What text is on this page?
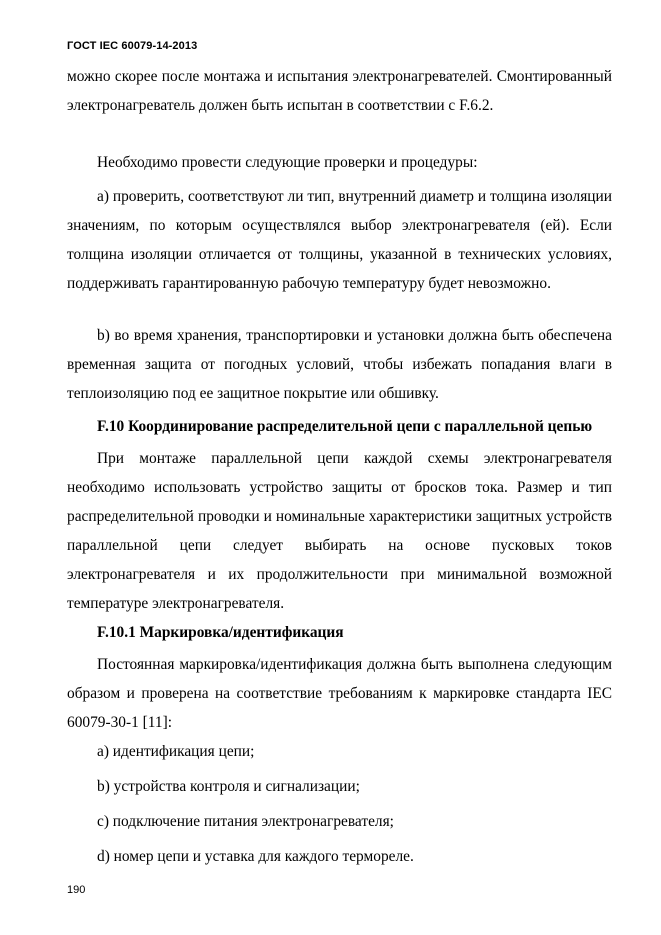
ГОСТ IEC 60079-14-2013

можно скорее после монтажа и испытания электронагревателей. Смонтированный электронагреватель должен быть испытан в соответствии с F.6.2.

Необходимо провести следующие проверки и процедуры:

а) проверить, соответствуют ли тип, внутренний диаметр и толщина изоляции значениям, по которым осуществлялся выбор электронагревателя (ей). Если толщина изоляции отличается от толщины, указанной в технических условиях, поддерживать гарантированную рабочую температуру будет невозможно.

b) во время хранения, транспортировки и установки должна быть обеспечена временная защита от погодных условий, чтобы избежать попадания влаги в теплоизоляцию под ее защитное покрытие или обшивку.

F.10 Координирование распределительной цепи с параллельной цепью

При монтаже параллельной цепи каждой схемы электронагревателя необходимо использовать устройство защиты от бросков тока. Размер и тип распределительной проводки и номинальные характеристики защитных устройств параллельной цепи следует выбирать на основе пусковых токов электронагревателя и их продолжительности при минимальной возможной температуре электронагревателя.

F.10.1 Маркировка/идентификация

Постоянная маркировка/идентификация должна быть выполнена следующим образом и проверена на соответствие требованиям к маркировке стандарта IEC 60079-30-1 [11]:

a) идентификация цепи;

b) устройства контроля и сигнализации;

c) подключение питания электронагревателя;

d) номер цепи и уставка для каждого термореле.

190
